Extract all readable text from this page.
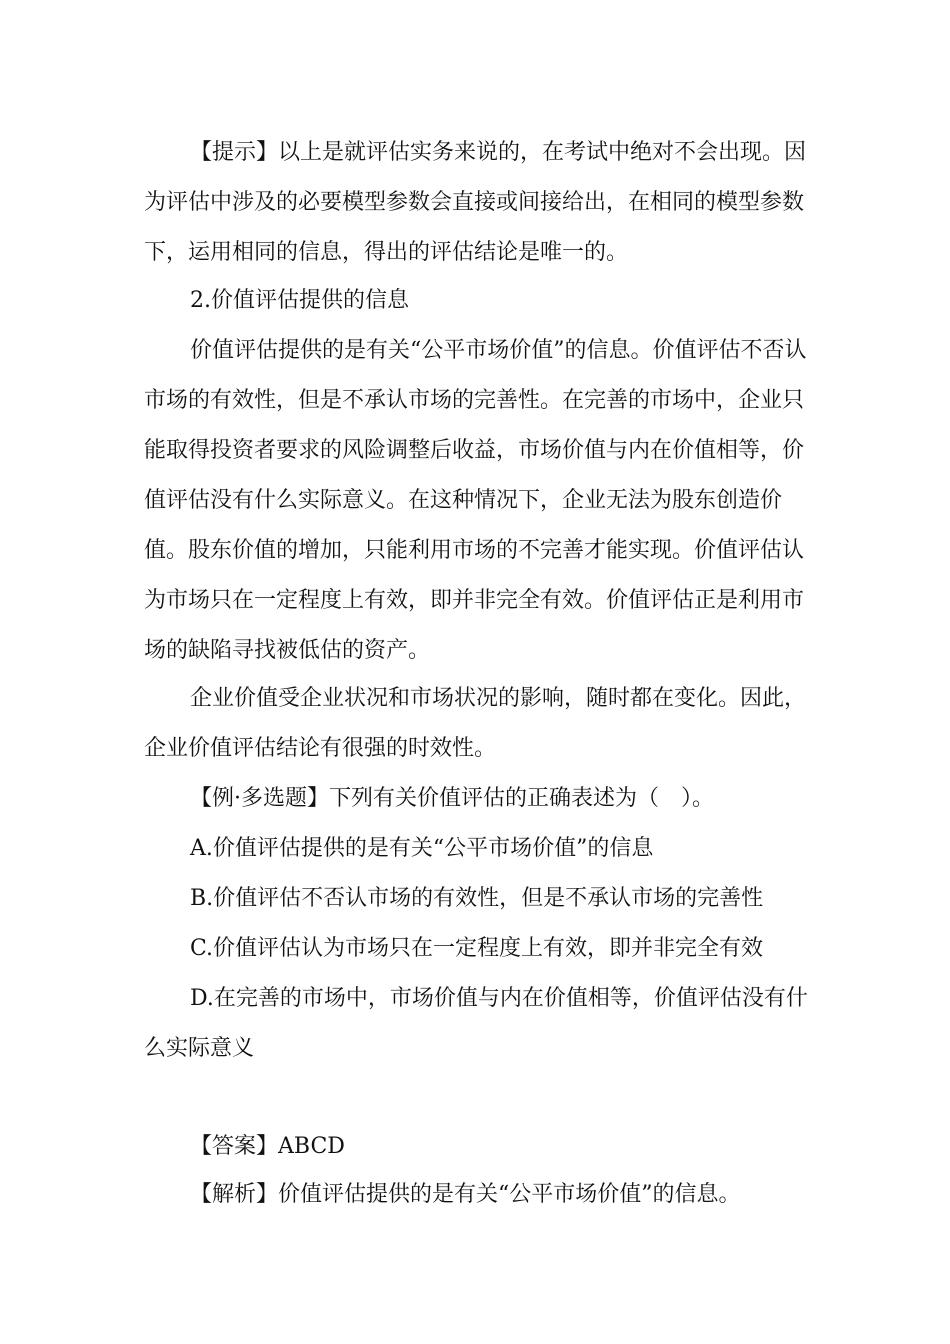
【提示】以上是就评估实务来说的，在考试中绝对不会出现。因为评估中涉及的必要模型参数会直接或间接给出，在相同的模型参数下，运用相同的信息，得出的评估结论是唯一的。

2.价值评估提供的信息

价值评估提供的是有关“公平市场价值”的信息。价值评估不否认市场的有效性，但是不承认市场的完善性。在完善的市场中，企业只能取得投资者要求的风险调整后收益，市场价值与内在价值相等，价值评估没有什么实际意义。在这种情况下，企业无法为股东创造价值。股东价值的增加，只能利用市场的不完善才能实现。价值评估认为市场只在一定程度上有效，即并非完全有效。价值评估正是利用市场的缺陷寻找被低估的资产。

企业价值受企业状况和市场状况的影响，随时都在变化。因此，企业价值评估结论有很强的时效性。

【例·多选题】下列有关价值评估的正确表述为（　）。
A.价值评估提供的是有关“公平市场价值”的信息
B.价值评估不否认市场的有效性，但是不承认市场的完善性
C.价值评估认为市场只在一定程度上有效，即并非完全有效

D.在完善的市场中，市场价值与内在价值相等，价值评估没有什么实际意义

【答案】ABCD
【解析】价值评估提供的是有关“公平市场价值”的信息。
